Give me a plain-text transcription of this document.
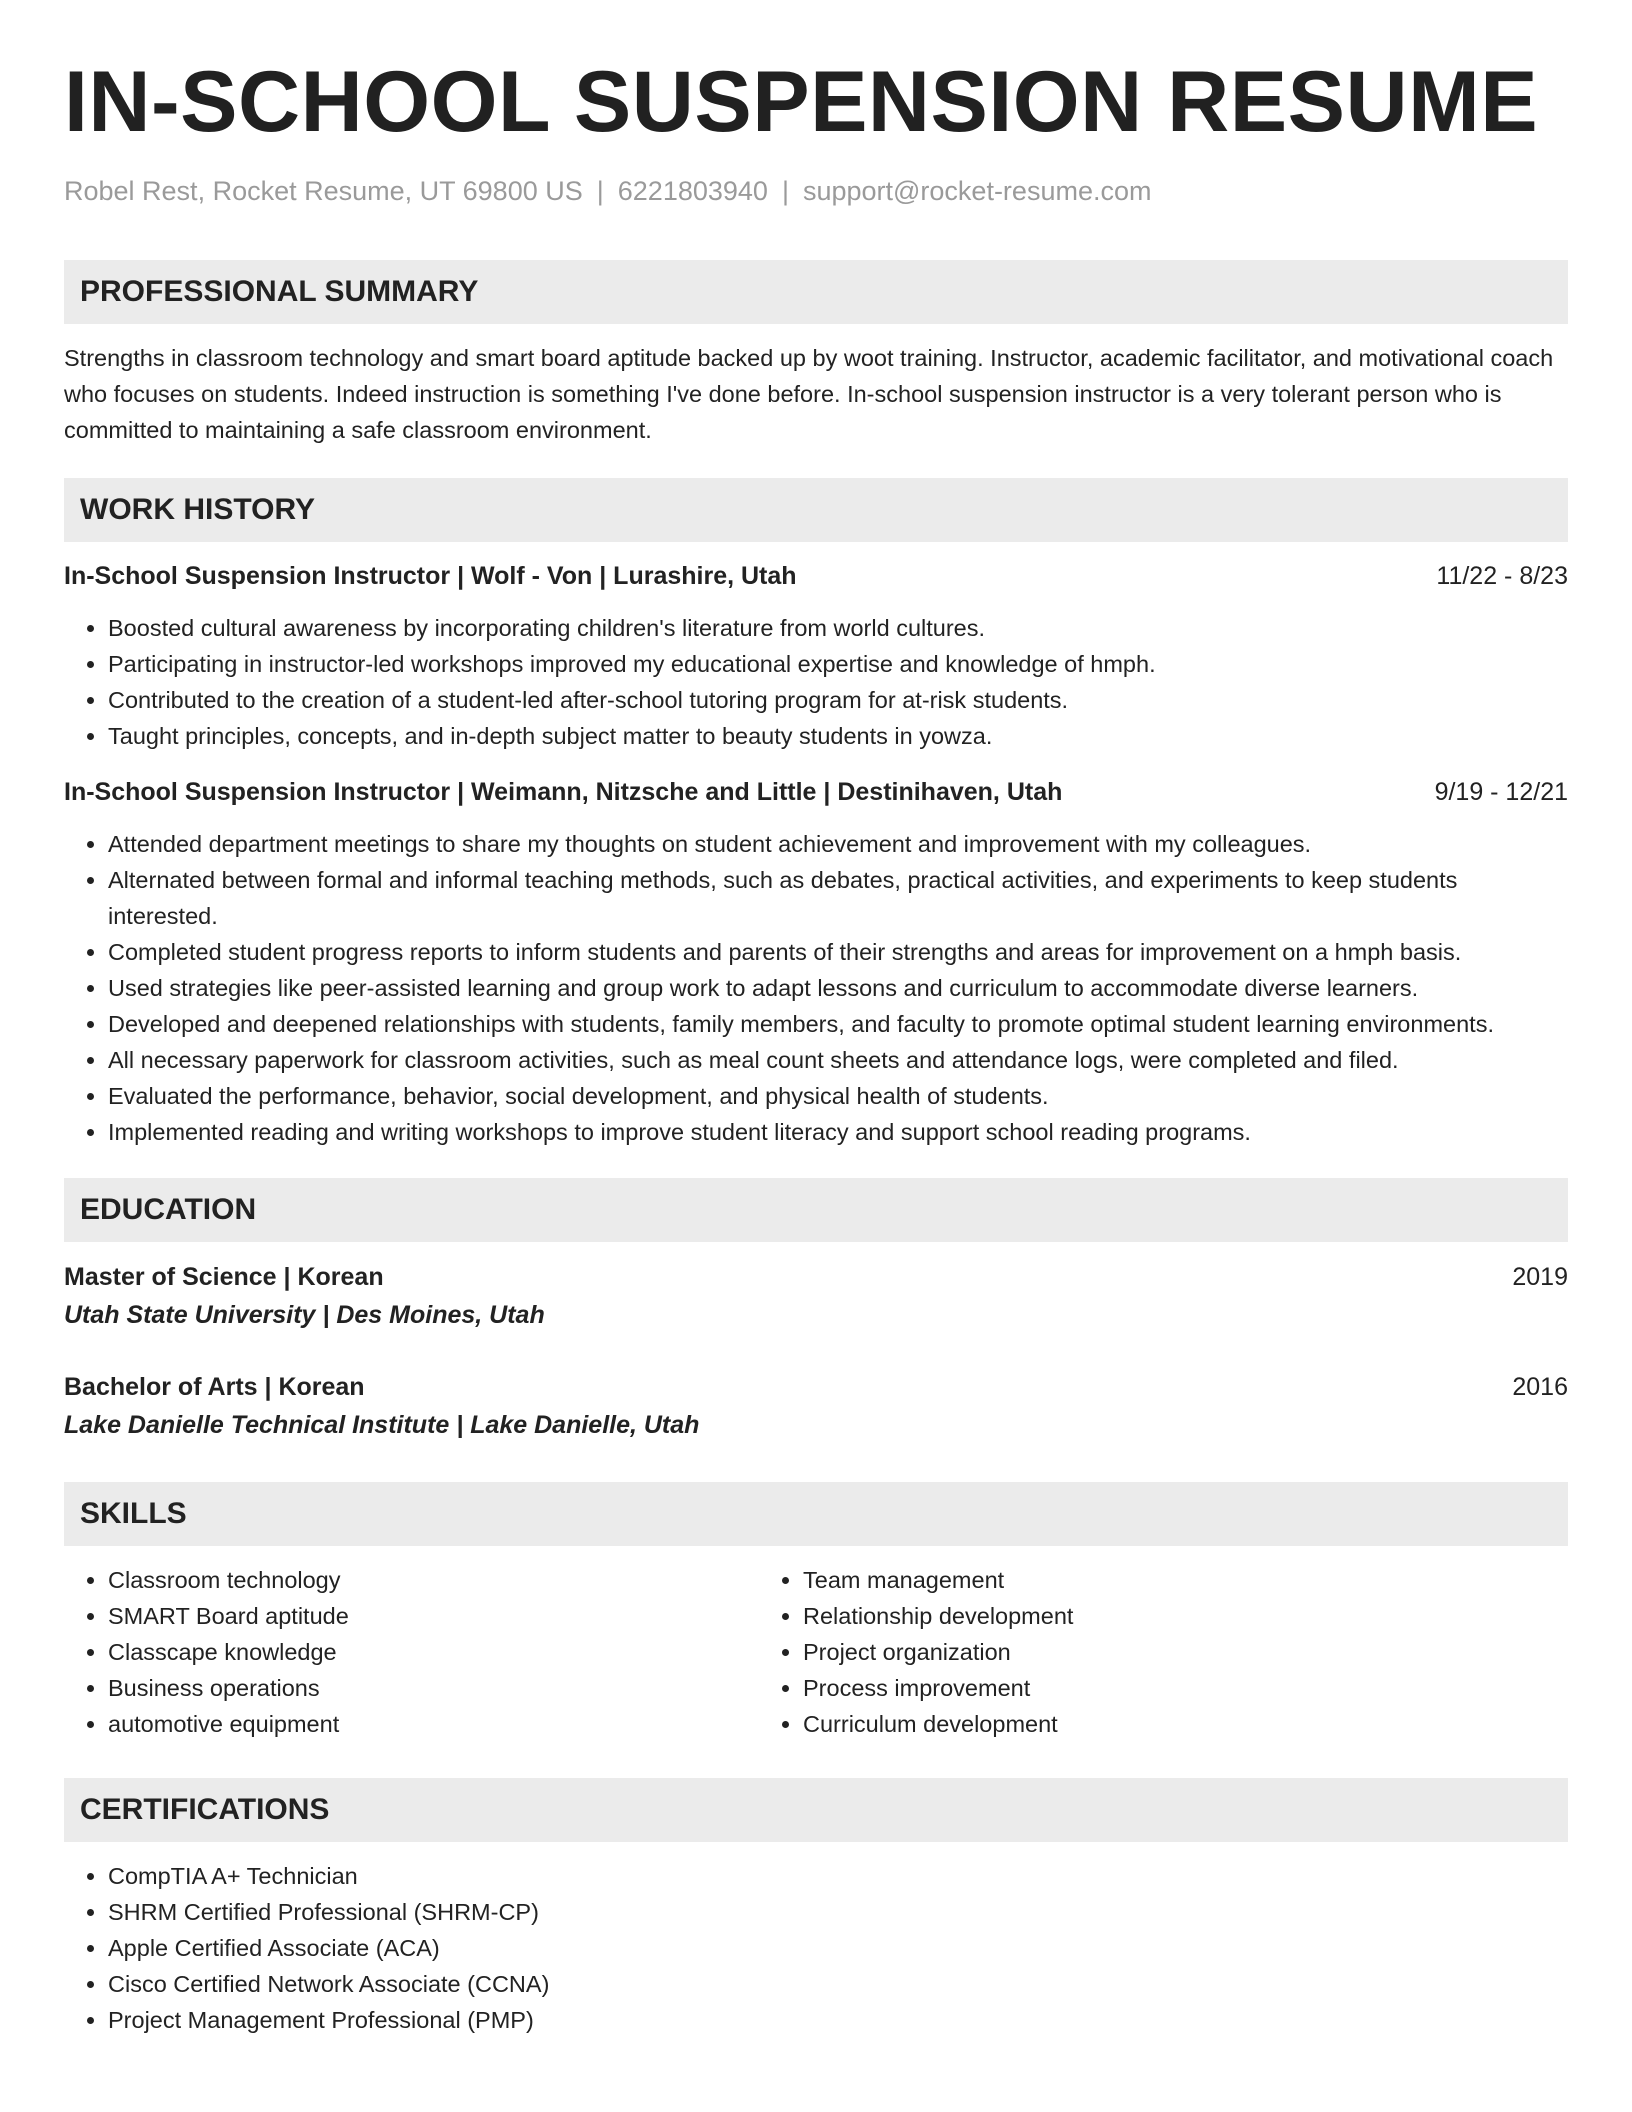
IN-SCHOOL SUSPENSION RESUME
Robel Rest, Rocket Resume, UT 69800 US | 6221803940 | support@rocket-resume.com
PROFESSIONAL SUMMARY
Strengths in classroom technology and smart board aptitude backed up by woot training. Instructor, academic facilitator, and motivational coach who focuses on students. Indeed instruction is something I've done before. In-school suspension instructor is a very tolerant person who is committed to maintaining a safe classroom environment.
WORK HISTORY
In-School Suspension Instructor | Wolf - Von | Lurashire, Utah	11/22 - 8/23
• Boosted cultural awareness by incorporating children's literature from world cultures.
• Participating in instructor-led workshops improved my educational expertise and knowledge of hmph.
• Contributed to the creation of a student-led after-school tutoring program for at-risk students.
• Taught principles, concepts, and in-depth subject matter to beauty students in yowza.
In-School Suspension Instructor | Weimann, Nitzsche and Little | Destinihaven, Utah	9/19 - 12/21
• Attended department meetings to share my thoughts on student achievement and improvement with my colleagues.
• Alternated between formal and informal teaching methods, such as debates, practical activities, and experiments to keep students interested.
• Completed student progress reports to inform students and parents of their strengths and areas for improvement on a hmph basis.
• Used strategies like peer-assisted learning and group work to adapt lessons and curriculum to accommodate diverse learners.
• Developed and deepened relationships with students, family members, and faculty to promote optimal student learning environments.
• All necessary paperwork for classroom activities, such as meal count sheets and attendance logs, were completed and filed.
• Evaluated the performance, behavior, social development, and physical health of students.
• Implemented reading and writing workshops to improve student literacy and support school reading programs.
EDUCATION
Master of Science | Korean	2019
Utah State University | Des Moines, Utah
Bachelor of Arts | Korean	2016
Lake Danielle Technical Institute | Lake Danielle, Utah
SKILLS
• Classroom technology
• SMART Board aptitude
• Classcape knowledge
• Business operations
• automotive equipment
• Team management
• Relationship development
• Project organization
• Process improvement
• Curriculum development
CERTIFICATIONS
• CompTIA A+ Technician
• SHRM Certified Professional (SHRM-CP)
• Apple Certified Associate (ACA)
• Cisco Certified Network Associate (CCNA)
• Project Management Professional (PMP)
